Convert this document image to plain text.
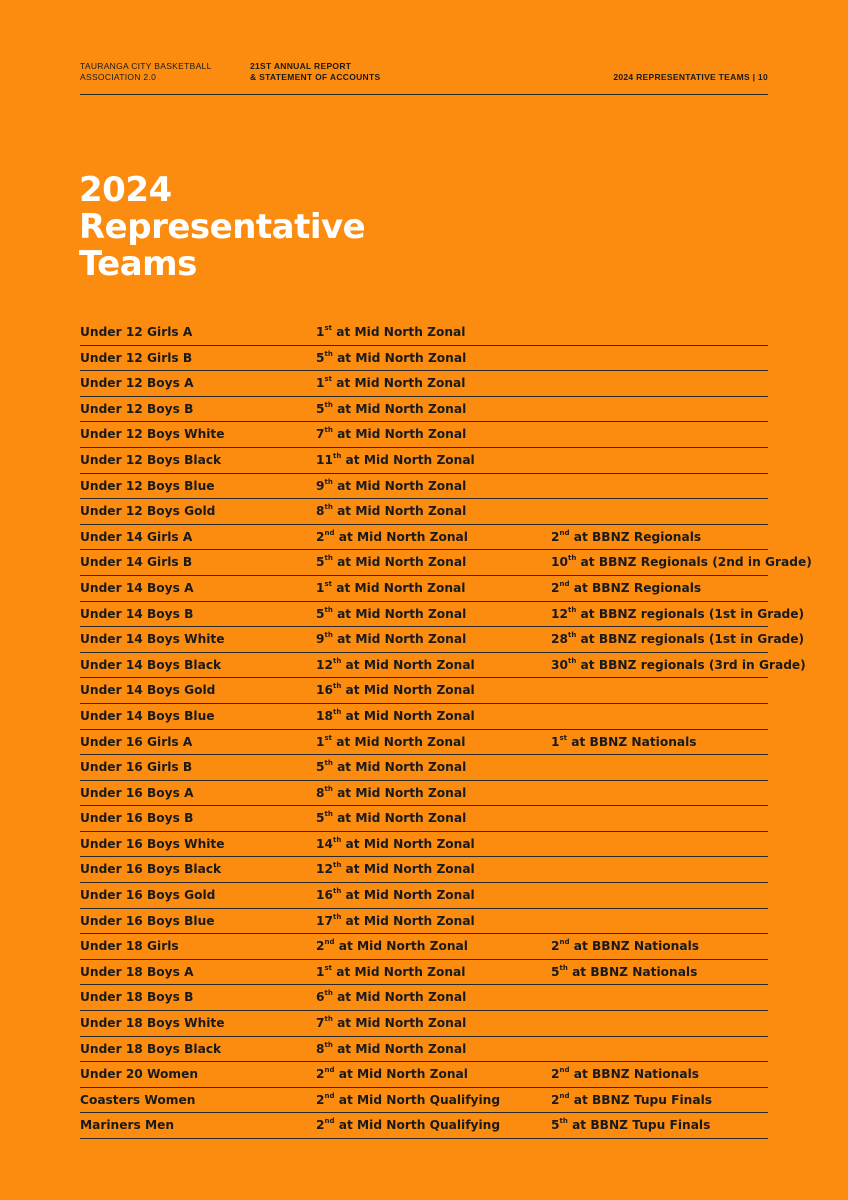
TAURANGA CITY BASKETBALL
ASSOCIATION 2.0
21ST ANNUAL REPORT
& STATEMENT OF ACCOUNTS	2024 REPRESENTATIVE TEAMS | 10
2024
Representative
Teams
Under 12 Girls A	1st at Mid North Zonal
Under 12 Girls B	5th at Mid North Zonal
Under 12 Boys A	1st at Mid North Zonal
Under 12 Boys B	5th at Mid North Zonal
Under 12 Boys White	7th at Mid North Zonal
Under 12 Boys Black	11th at Mid North Zonal
Under 12 Boys Blue	9th at Mid North Zonal
Under 12 Boys Gold	8th at Mid North Zonal
Under 14 Girls A	2nd at Mid North Zonal	2nd at BBNZ Regionals
Under 14 Girls B	5th at Mid North Zonal	10th at BBNZ Regionals (2nd in Grade)
Under 14 Boys A	1st at Mid North Zonal	2nd at BBNZ Regionals
Under 14 Boys B	5th at Mid North Zonal	12th at BBNZ regionals (1st in Grade)
Under 14 Boys White	9th at Mid North Zonal	28th at BBNZ regionals (1st in Grade)
Under 14 Boys Black	12th at Mid North Zonal	30th at BBNZ regionals (3rd in Grade)
Under 14 Boys Gold	16th at Mid North Zonal
Under 14 Boys Blue	18th at Mid North Zonal
Under 16 Girls A	1st at Mid North Zonal	1st at BBNZ Nationals
Under 16 Girls B	5th at Mid North Zonal
Under 16 Boys A	8th at Mid North Zonal
Under 16 Boys B	5th at Mid North Zonal
Under 16 Boys White	14th at Mid North Zonal
Under 16 Boys Black	12th at Mid North Zonal
Under 16 Boys Gold	16th at Mid North Zonal
Under 16 Boys Blue	17th at Mid North Zonal
Under 18 Girls	2nd at Mid North Zonal	2nd at BBNZ Nationals
Under 18 Boys A	1st at Mid North Zonal	5th at BBNZ Nationals
Under 18 Boys B	6th at Mid North Zonal
Under 18 Boys White	7th at Mid North Zonal
Under 18 Boys Black	8th at Mid North Zonal
Under 20 Women	2nd at Mid North Zonal	2nd at BBNZ Nationals
Coasters Women	2nd at Mid North Qualifying	2nd at BBNZ Tupu Finals
Mariners Men	2nd at Mid North Qualifying	5th at BBNZ Tupu Finals
